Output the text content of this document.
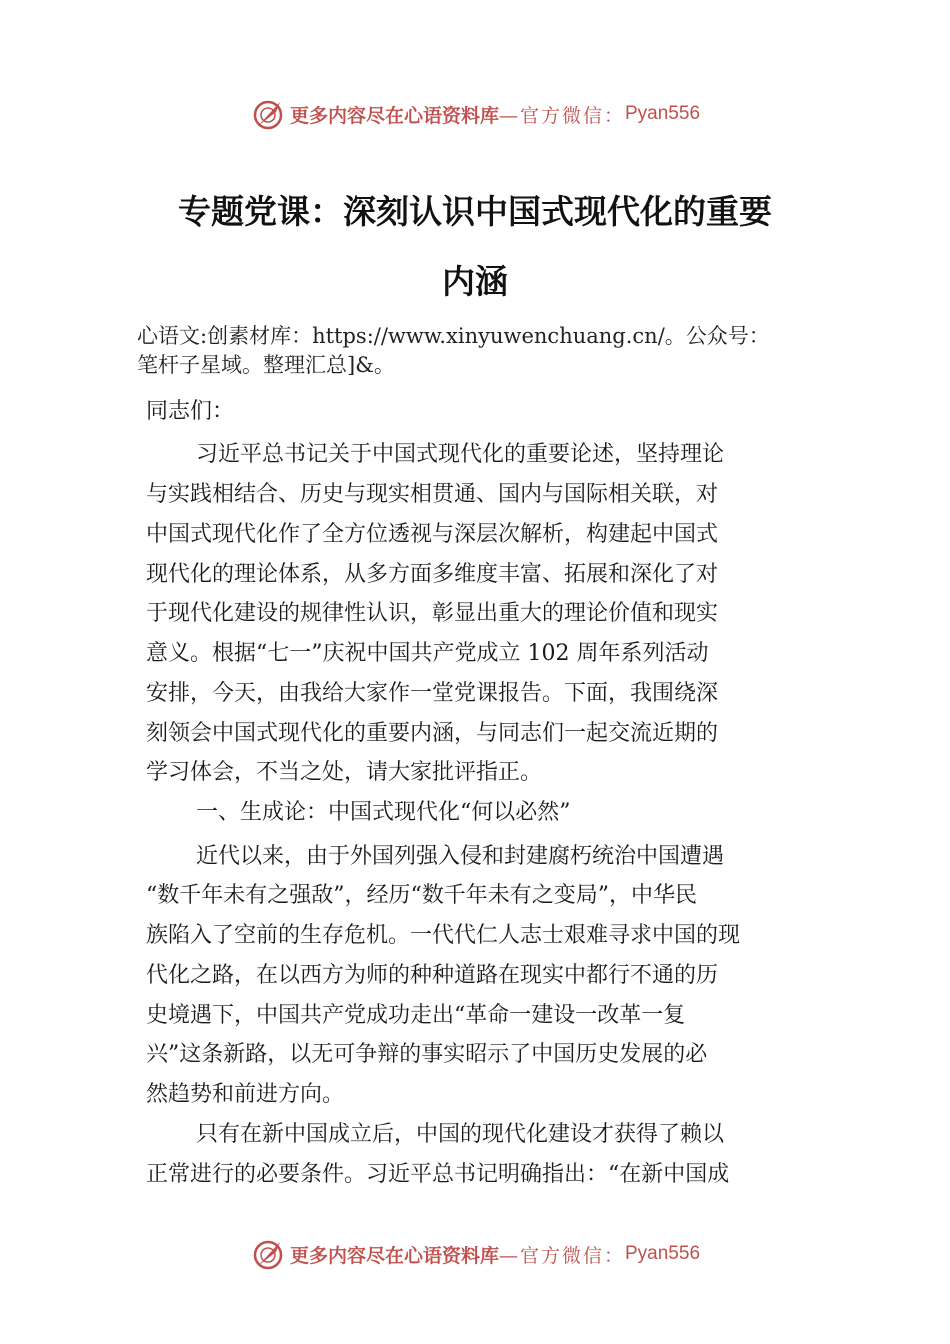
更多内容尽在心语资料库 —官方微信： Pyan556
专题党课：深刻认识中国式现代化的重要
内涵
心语文:创素材库：https://www.xinyuwenchuang.cn/。公众号：
笔杆子星域。整理汇总]&。
同志们：
习近平总书记关于中国式现代化的重要论述，坚持理论
与实践相结合、历史与现实相贯通、国内与国际相关联，对
中国式现代化作了全方位透视与深层次解析，构建起中国式
现代化的理论体系，从多方面多维度丰富、拓展和深化了对
于现代化建设的规律性认识，彰显出重大的理论价值和现实
意义。根据“七一”庆祝中国共产党成立 102 周年系列活动
安排，今天，由我给大家作一堂党课报告。下面，我围绕深
刻领会中国式现代化的重要内涵，与同志们一起交流近期的
学习体会，不当之处，请大家批评指正。
一、生成论：中国式现代化“何以必然”
近代以来，由于外国列强入侵和封建腐朽统治中国遭遇
“数千年未有之强敌”，经历“数千年未有之变局”，中华民
族陷入了空前的生存危机。一代代仁人志士艰难寻求中国的现
代化之路，在以西方为师的种种道路在现实中都行不通的历
史境遇下，中国共产党成功走出“革命一建设一改革一复
兴”这条新路，以无可争辩的事实昭示了中国历史发展的必
然趋势和前进方向。
只有在新中国成立后，中国的现代化建设才获得了赖以
正常进行的必要条件。习近平总书记明确指出：“在新中国成
更多内容尽在心语资料库 —官方微信： Pyan556
